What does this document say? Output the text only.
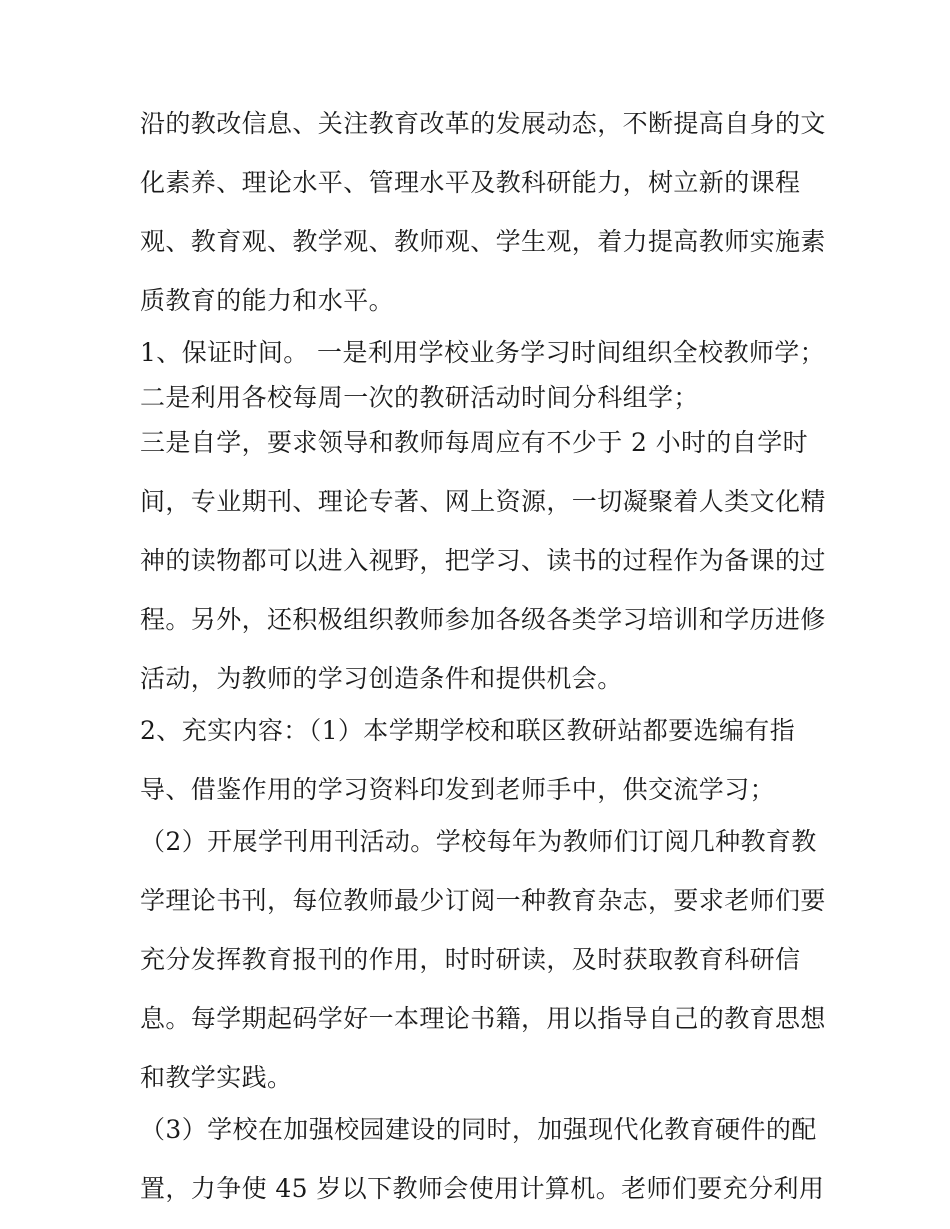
沿的教改信息、关注教育改革的发展动态，不断提高自身的文
化素养、理论水平、管理水平及教科研能力，树立新的课程
观、教育观、教学观、教师观、学生观，着力提高教师实施素
质教育的能力和水平。
1、保证时间。 一是利用学校业务学习时间组织全校教师学；
二是利用各校每周一次的教研活动时间分科组学；
三是自学，要求领导和教师每周应有不少于 2 小时的自学时
间，专业期刊、理论专著、网上资源，一切凝聚着人类文化精
神的读物都可以进入视野，把学习、读书的过程作为备课的过
程。另外，还积极组织教师参加各级各类学习培训和学历进修
活动，为教师的学习创造条件和提供机会。
2、充实内容：（1）本学期学校和联区教研站都要选编有指
导、借鉴作用的学习资料印发到老师手中，供交流学习；
（2）开展学刊用刊活动。学校每年为教师们订阅几种教育教
学理论书刊，每位教师最少订阅一种教育杂志，要求老师们要
充分发挥教育报刊的作用，时时研读，及时获取教育科研信
息。每学期起码学好一本理论书籍，用以指导自己的教育思想
和教学实践。
（3）学校在加强校园建设的同时，加强现代化教育硬件的配
置，力争使 45 岁以下教师会使用计算机。老师们要充分利用
